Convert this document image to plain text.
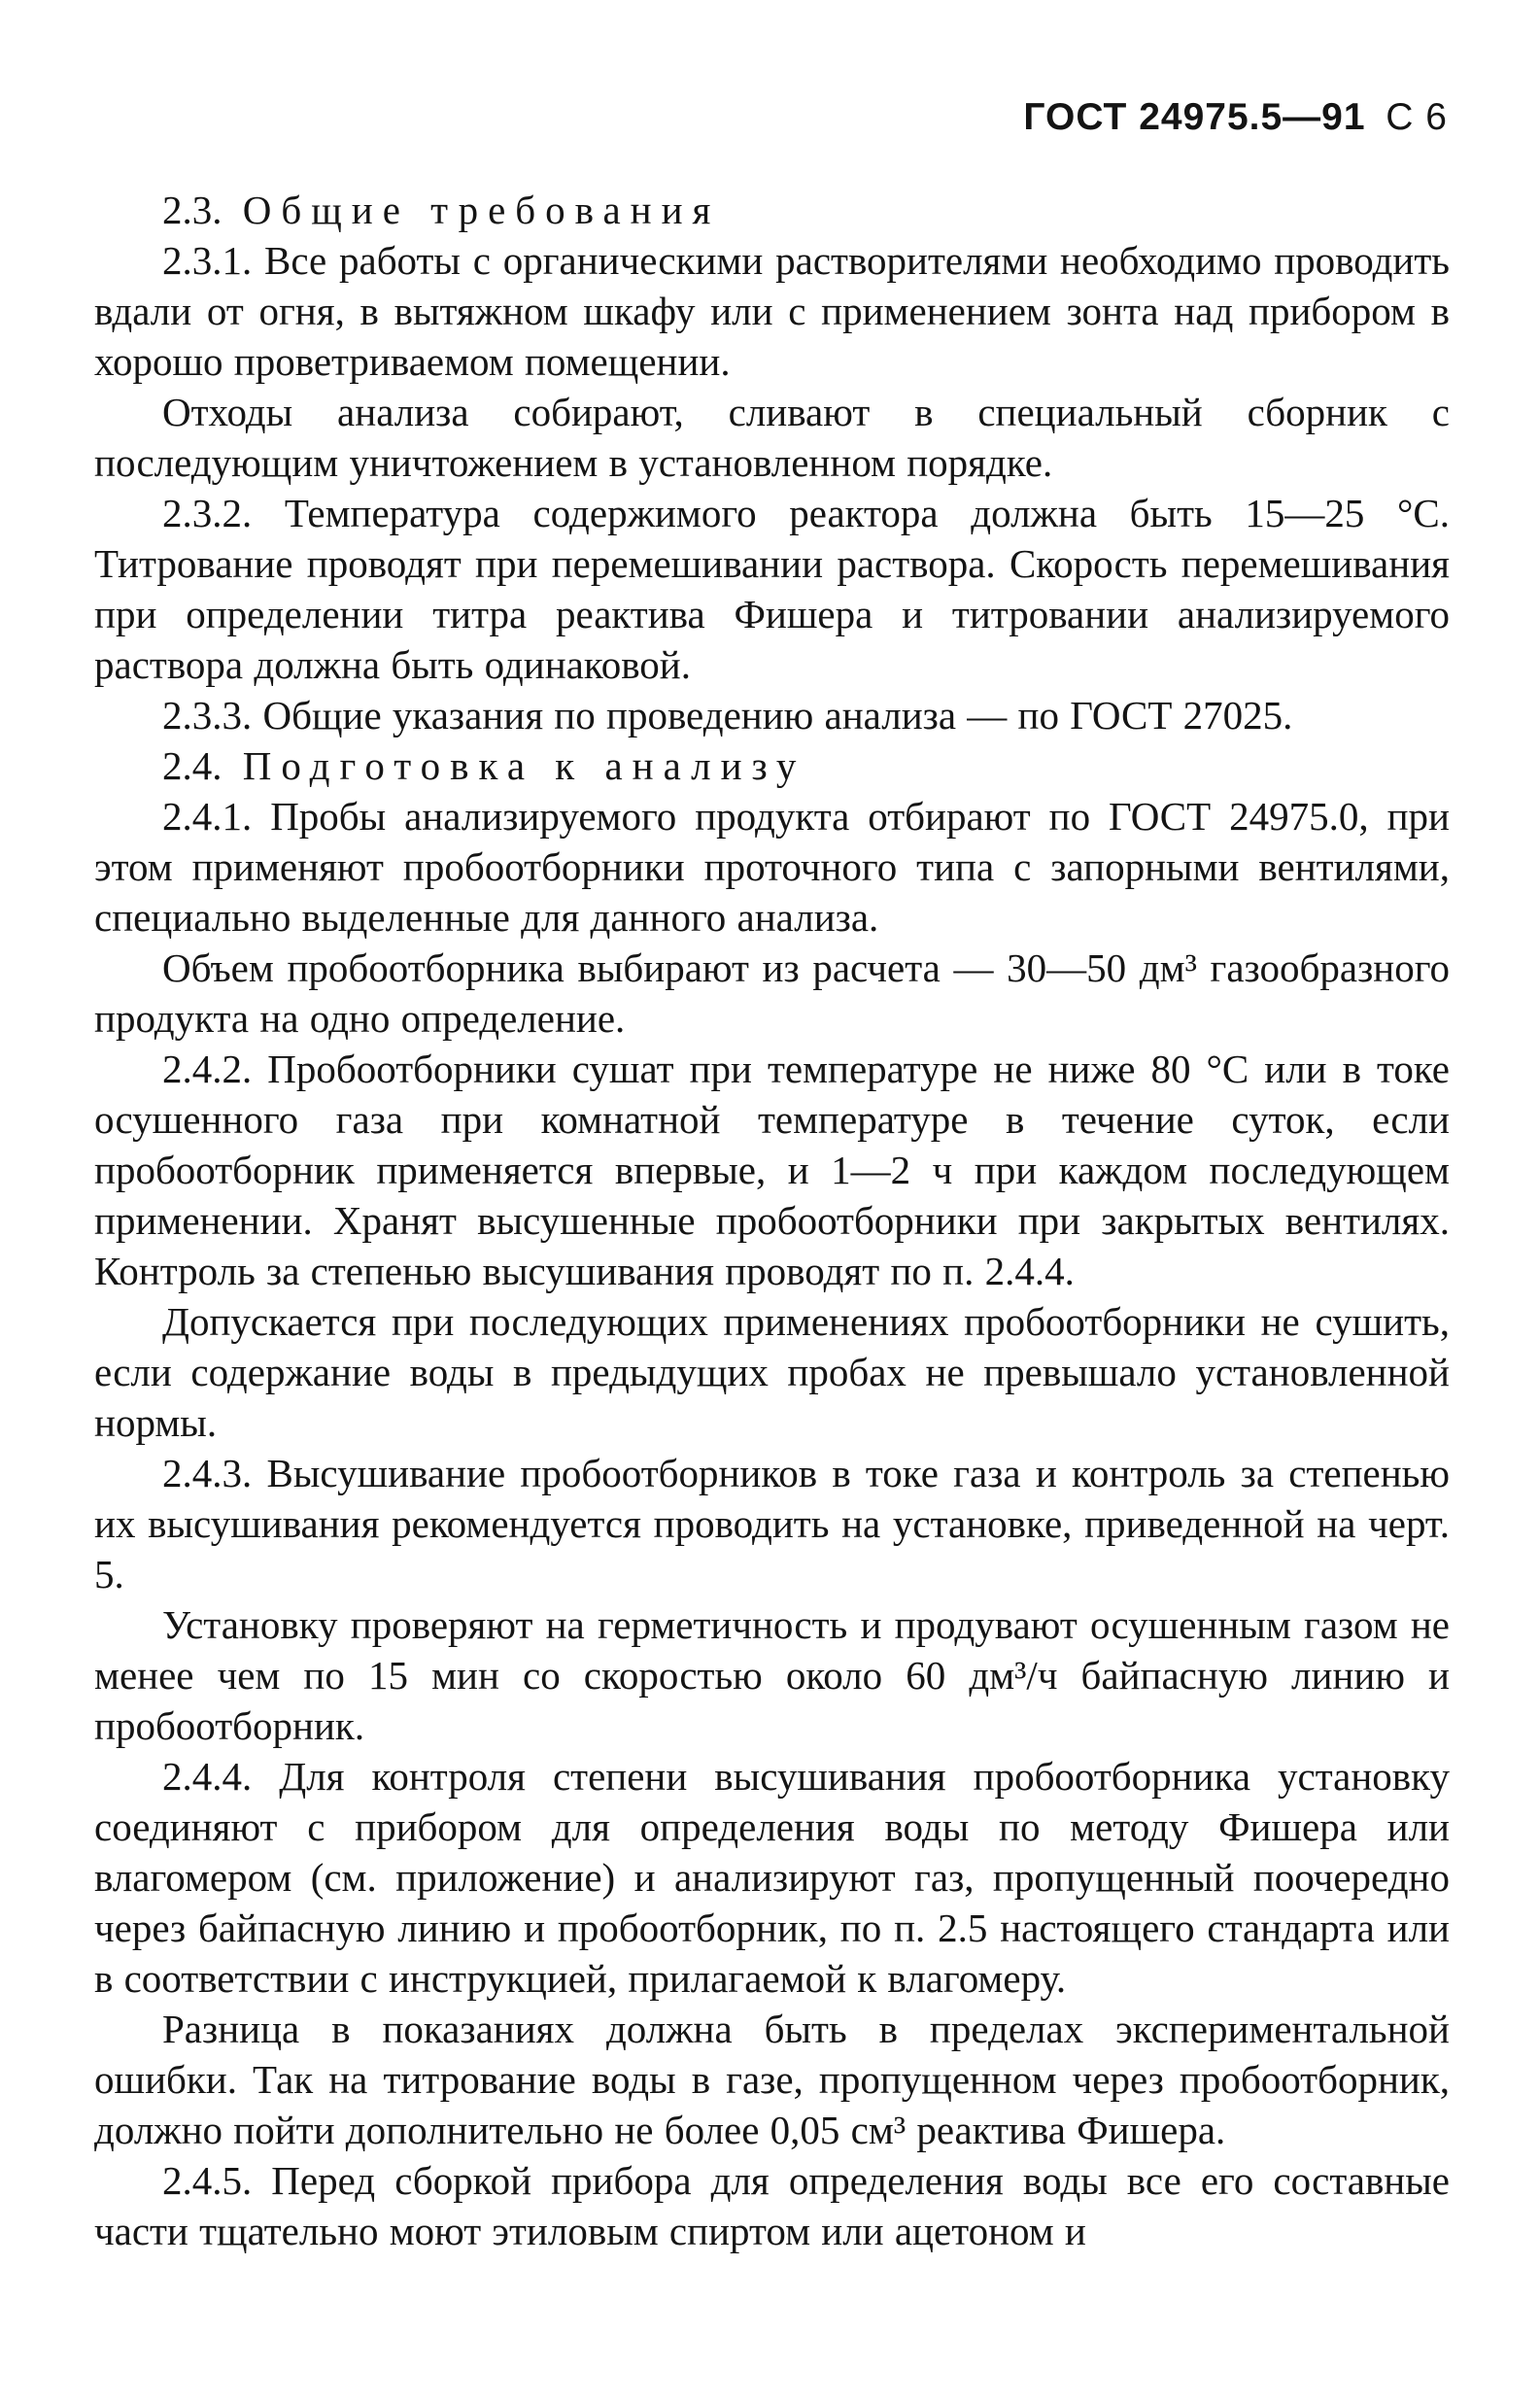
ГОСТ 24975.5—91 С 6

2.3. Общие требования

2.3.1. Все работы с органическими растворителями необходимо проводить вдали от огня, в вытяжном шкафу или с применением зонта над прибором в хорошо проветриваемом помещении.

Отходы анализа собирают, сливают в специальный сборник с последующим уничтожением в установленном порядке.

2.3.2. Температура содержимого реактора должна быть 15—25 °С. Титрование проводят при перемешивании раствора. Скорость перемешивания при определении титра реактива Фишера и титровании анализируемого раствора должна быть одинаковой.

2.3.3. Общие указания по проведению анализа — по ГОСТ 27025.

2.4. Подготовка к анализу

2.4.1. Пробы анализируемого продукта отбирают по ГОСТ 24975.0, при этом применяют пробоотборники проточного типа с запорными вентилями, специально выделенные для данного анализа.

Объем пробоотборника выбирают из расчета — 30—50 дм³ газообразного продукта на одно определение.

2.4.2. Пробоотборники сушат при температуре не ниже 80 °С или в токе осушенного газа при комнатной температуре в течение суток, если пробоотборник применяется впервые, и 1—2 ч при каждом последующем применении. Хранят высушенные пробоотборники при закрытых вентилях. Контроль за степенью высушивания проводят по п. 2.4.4.

Допускается при последующих применениях пробоотборники не сушить, если содержание воды в предыдущих пробах не превышало установленной нормы.

2.4.3. Высушивание пробоотборников в токе газа и контроль за степенью их высушивания рекомендуется проводить на установке, приведенной на черт. 5.

Установку проверяют на герметичность и продувают осушенным газом не менее чем по 15 мин со скоростью около 60 дм³/ч байпасную линию и пробоотборник.

2.4.4. Для контроля степени высушивания пробоотборника установку соединяют с прибором для определения воды по методу Фишера или влагомером (см. приложение) и анализируют газ, пропущенный поочередно через байпасную линию и пробоотборник, по п. 2.5 настоящего стандарта или в соответствии с инструкцией, прилагаемой к влагомеру.

Разница в показаниях должна быть в пределах экспериментальной ошибки. Так на титрование воды в газе, пропущенном через пробоотборник, должно пойти дополнительно не более 0,05 см³ реактива Фишера.

2.4.5. Перед сборкой прибора для определения воды все его составные части тщательно моют этиловым спиртом или ацетоном и
